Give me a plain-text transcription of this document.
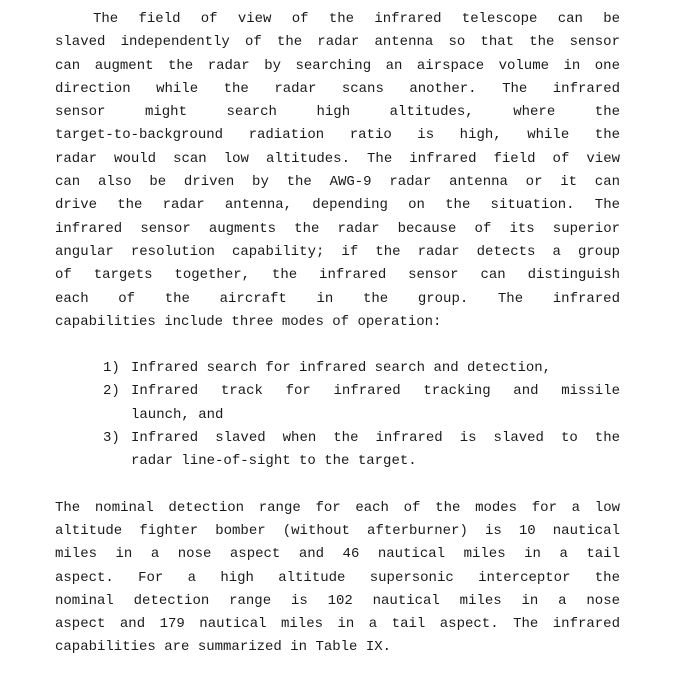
The field of view of the infrared telescope can be
slaved independently of the radar antenna so that the sensor
can augment the radar by searching an airspace volume in one
direction while the radar scans another. The infrared
sensor might search high altitudes, where the
target-to-background radiation ratio is high, while the
radar would scan low altitudes. The infrared field of view
can also be driven by the AWG-9 radar antenna or it can
drive the radar antenna, depending on the situation. The
infrared sensor augments the radar because of its superior
angular resolution capability; if the radar detects a group
of targets together, the infrared sensor can distinguish
each of the aircraft in the group. The infrared
capabilities include three modes of operation:
1) Infrared search for infrared search and detection,
2) Infrared track for infrared tracking and missile
launch, and
3) Infrared slaved when the infrared is slaved to the
radar line-of-sight to the target.
The nominal detection range for each of the modes for a low
altitude fighter bomber (without afterburner) is 10 nautical
miles in a nose aspect and 46 nautical miles in a tail
aspect. For a high altitude supersonic interceptor the
nominal detection range is 102 nautical miles in a nose
aspect and 179 nautical miles in a tail aspect. The infrared
capabilities are summarized in Table IX.
